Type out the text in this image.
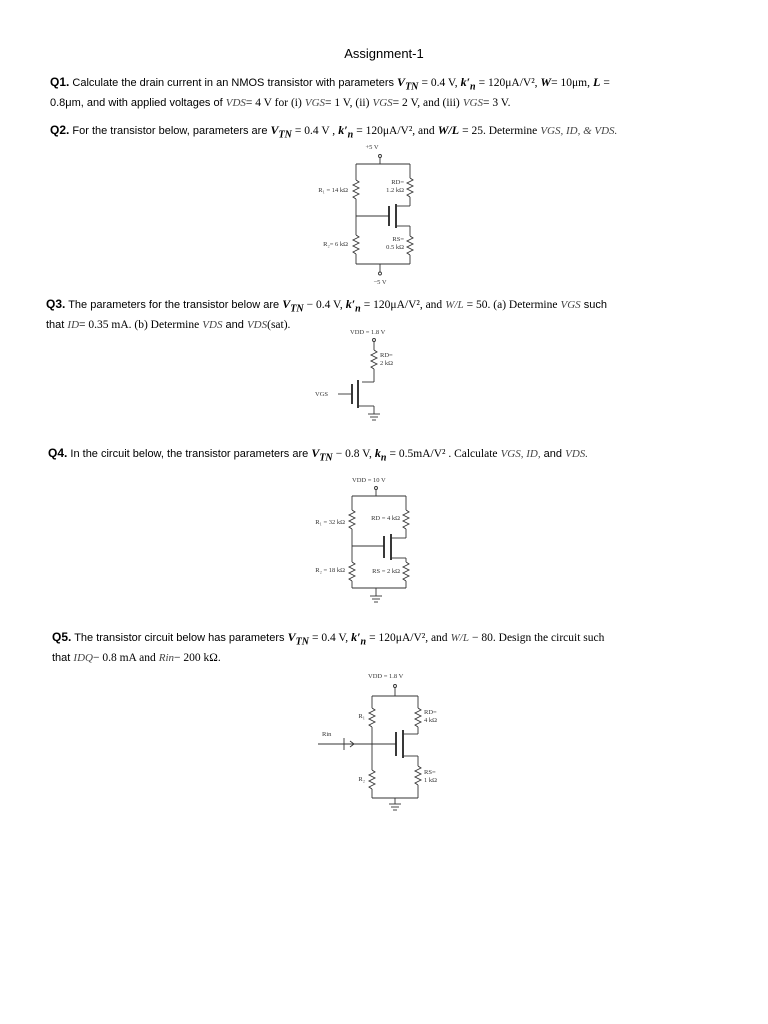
Assignment-1
Q1. Calculate the drain current in an NMOS transistor with parameters $V_{TN} = 0.4$ V, $k'_n = 120\mu A/V^2$, W= 10μm, L =
0.8μm, and with applied voltages of VDS= 4 V for (i) VGS= 1 V, (ii) VGS= 2 V, and (iii) VGS= 3 V.
Q2. For the transistor below, parameters are $V_{TN} = 0.4$ V , $k'_n = 120\mu A/V^2$, and W/L = 25. Determine VGS, ID, & VDS.
+5 V
R₁ = 14 kΩ
RD=
1.2 kΩ
R₂= 6 kΩ
RS=
0.5 kΩ
−5 V
Q3. The parameters for the transistor below are $V_{TN} - 0.4$ V, $k'_n = 120\mu A/V^2$, and W/L = 50. (a) Determine VGS such
that ID= 0.35 mA. (b) Determine VDS and VDS(sat).
VDD = 1.8 V
RD=
2 kΩ
VGS
Q4. In the circuit below, the transistor parameters are $V_{TN} - 0.8$ V, $k_n = 0.5mA/V^2$ . Calculate VGS, ID, and VDS.
VDD = 10 V
R₁ = 32 kΩ
RD = 4 kΩ
R₂ = 18 kΩ	RS = 2 kΩ
Q5. The transistor circuit below has parameters $V_{TN} = 0.4$ V, $k'_n = 120\mu A/V^2$, and W/L − 80. Design the circuit such
that IDQ− 0.8 mA and Rin− 200 kΩ.
VDD = 1.8 V
R₁
RD=
4 kΩ
Rin
R₂
RS=
1 kΩ
